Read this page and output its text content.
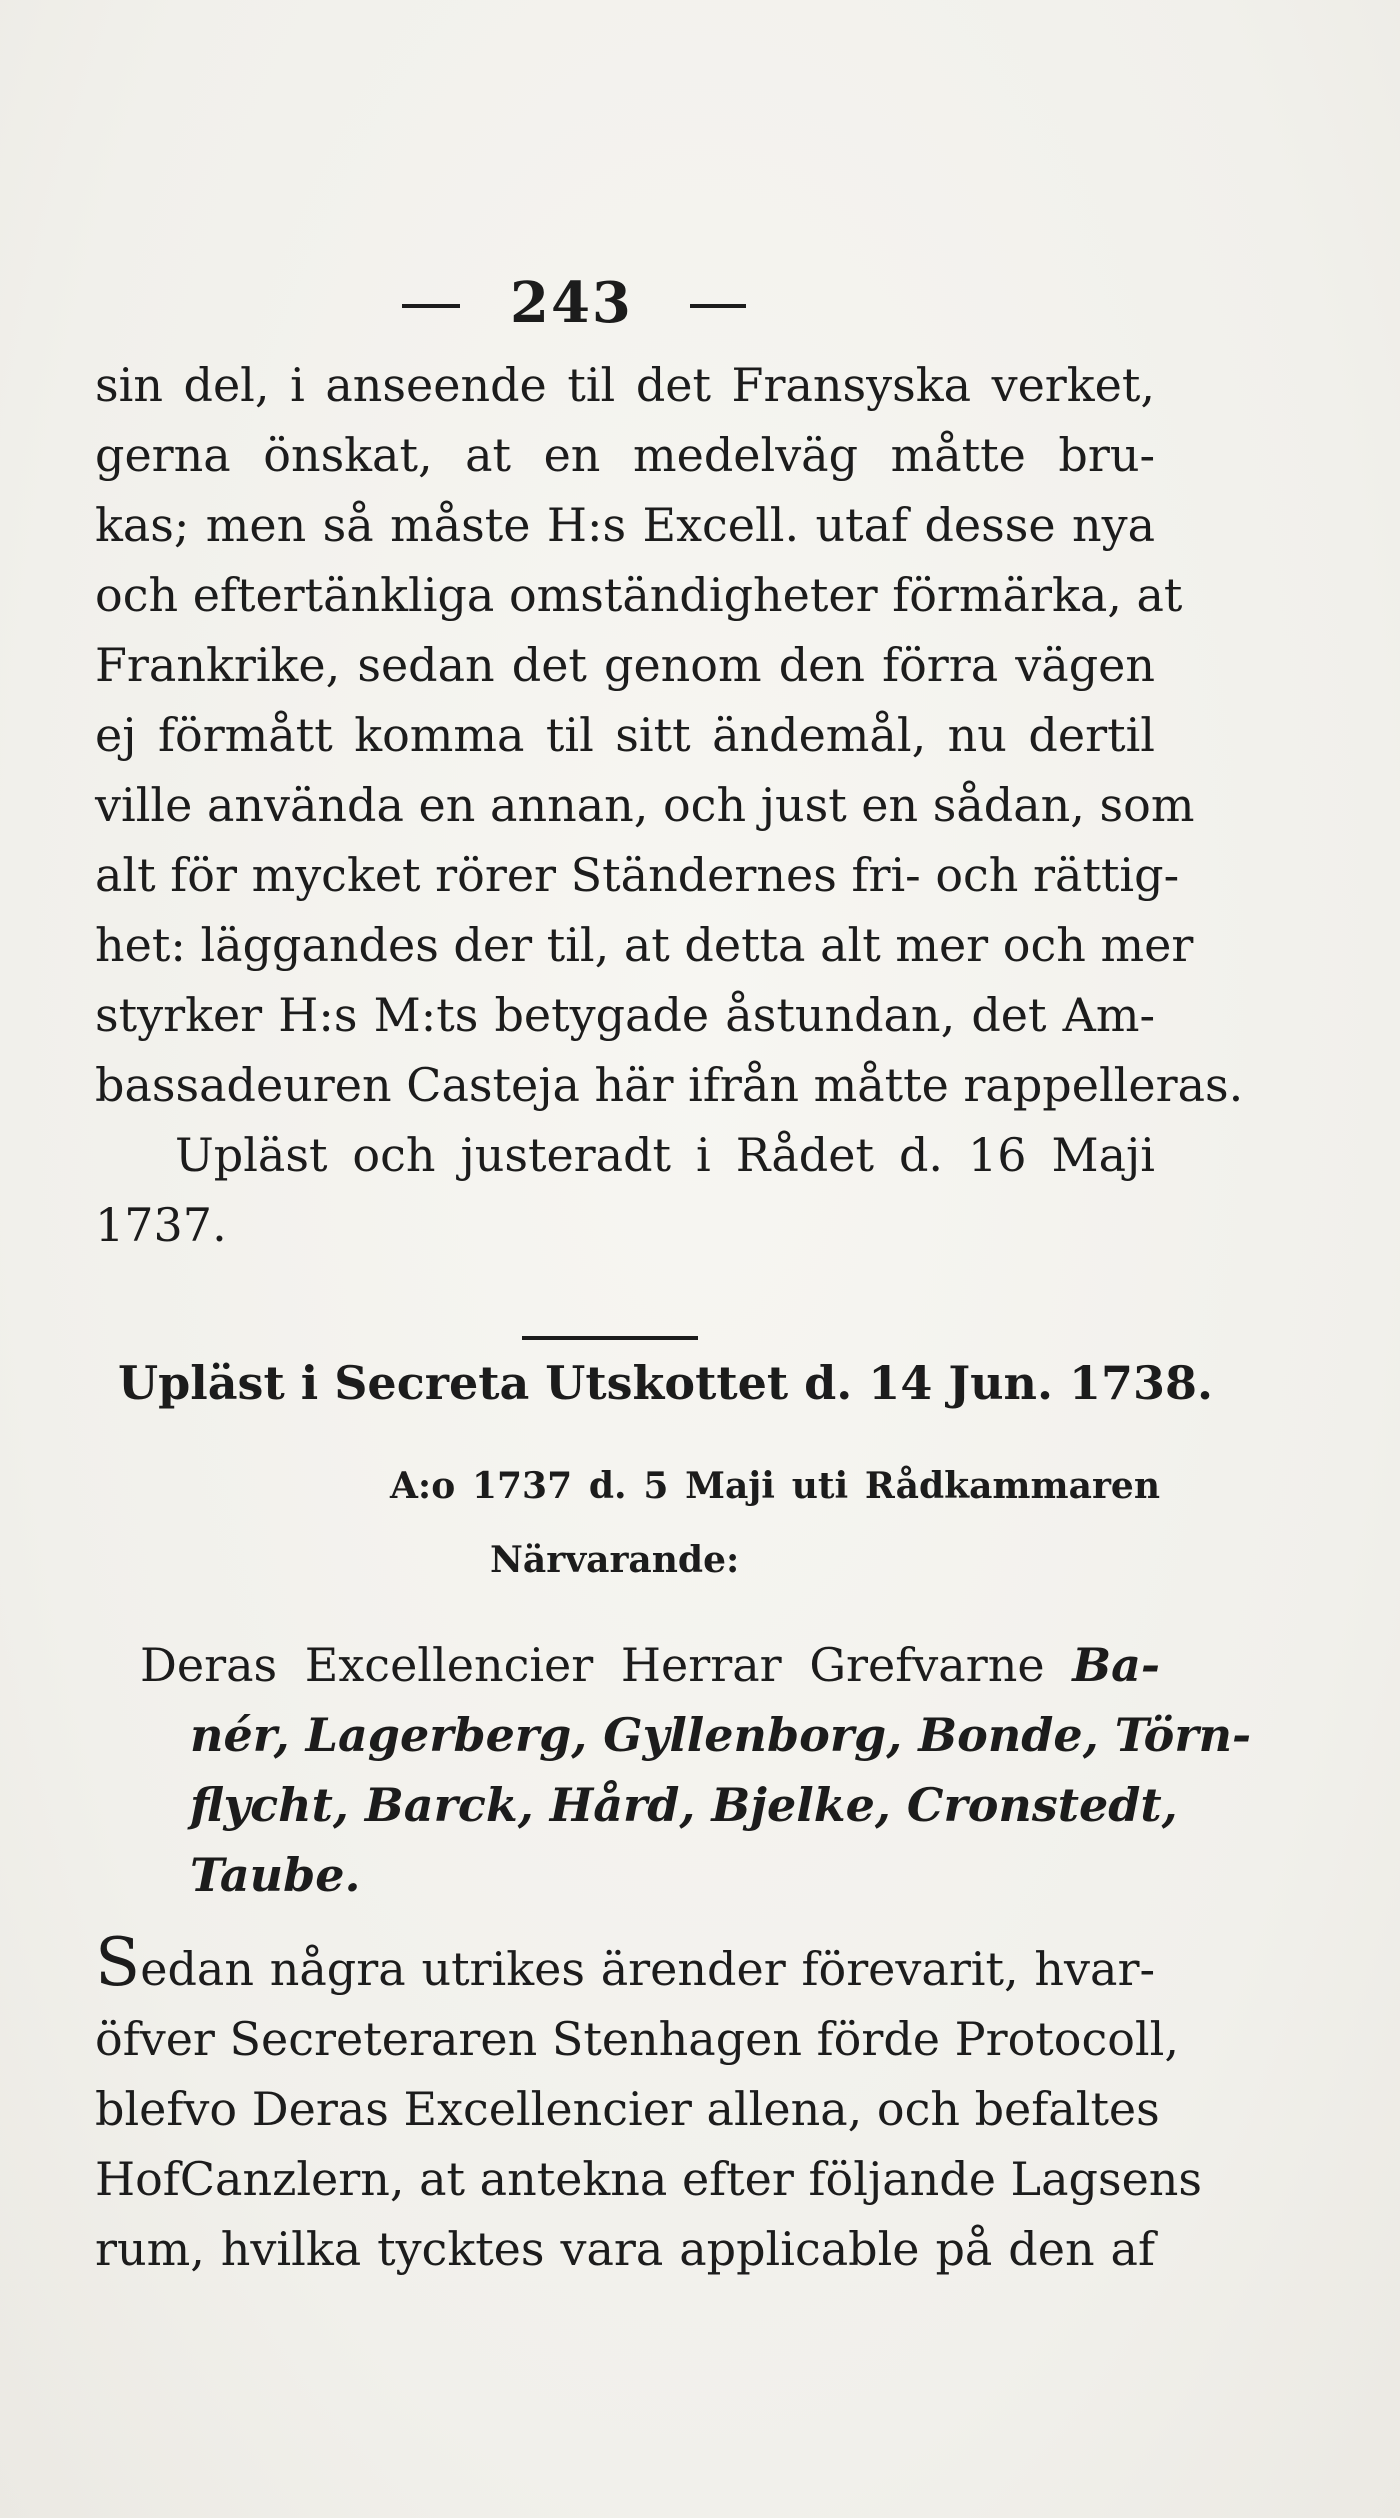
243
sin del, i anseende til det Fransyska verket,
gerna önskat, at en medelväg måtte bru-
kas; men så måste H:s Excell. utaf desse nya
och eftertänkliga omständigheter förmärka, at
Frankrike, sedan det genom den förra vägen
ej förmått komma til sitt ändemål, nu dertil
ville använda en annan, och just en sådan, som
alt för mycket rörer Ständernes fri- och rättig-
het: läggandes der til, at detta alt mer och mer
styrker H:s M:ts betygade åstundan, det Am-
bassadeuren Casteja här ifrån måtte rappelleras.
Upläst och justeradt i Rådet d. 16 Maji
1737.
Upläst i Secreta Utskottet d. 14 Jun. 1738.
A:o 1737 d. 5 Maji uti Rådkammaren
Närvarande:
Deras Excellencier Herrar Grefvarne Ba-
nér, Lagerberg, Gyllenborg, Bonde, Törn-
flycht, Barck, Hård, Bjelke, Cronstedt,
Taube.
Sedan några utrikes ärender förevarit, hvar-
öfver Secreteraren Stenhagen förde Protocoll,
blefvo Deras Excellencier allena, och befaltes
HofCanzlern, at antekna efter följande Lagsens
rum, hvilka tycktes vara applicable på den af
